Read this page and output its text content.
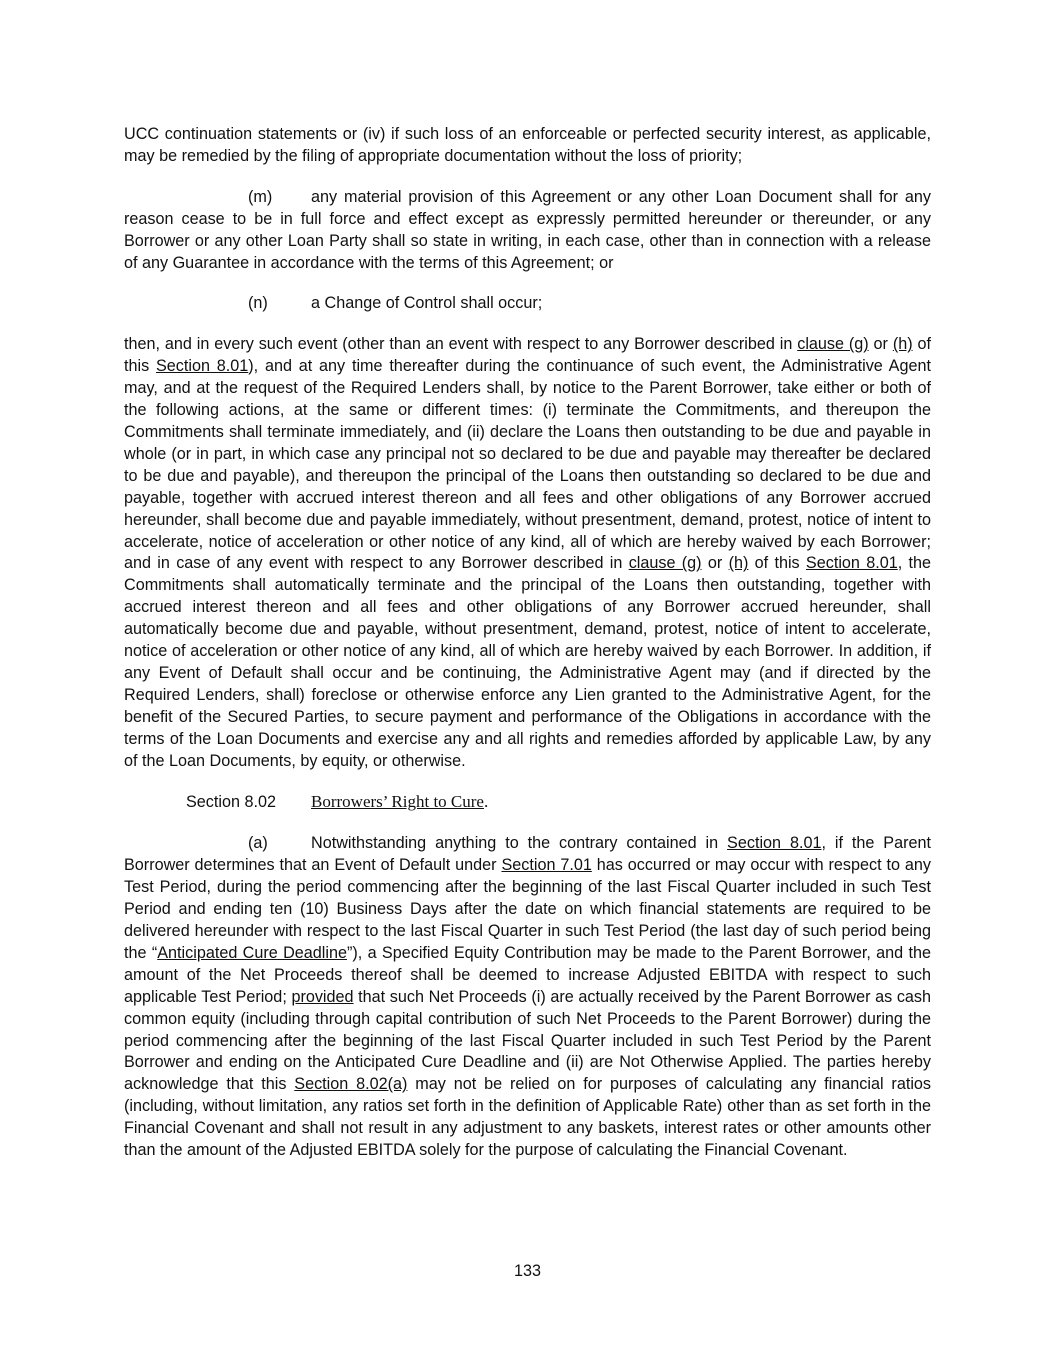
UCC continuation statements or (iv) if such loss of an enforceable or perfected security interest, as applicable, may be remedied by the filing of appropriate documentation without the loss of priority;

(m) any material provision of this Agreement or any other Loan Document shall for any reason cease to be in full force and effect except as expressly permitted hereunder or thereunder, or any Borrower or any other Loan Party shall so state in writing, in each case, other than in connection with a release of any Guarantee in accordance with the terms of this Agreement; or

(n)	a Change of Control shall occur;

then, and in every such event (other than an event with respect to any Borrower described in clause (g) or (h) of this Section 8.01), and at any time thereafter during the continuance of such event, the Administrative Agent may, and at the request of the Required Lenders shall, by notice to the Parent Borrower, take either or both of the following actions, at the same or different times: (i) terminate the Commitments, and thereupon the Commitments shall terminate immediately, and (ii) declare the Loans then outstanding to be due and payable in whole (or in part, in which case any principal not so declared to be due and payable may thereafter be declared to be due and payable), and thereupon the principal of the Loans then outstanding so declared to be due and payable, together with accrued interest thereon and all fees and other obligations of any Borrower accrued hereunder, shall become due and payable immediately, without presentment, demand, protest, notice of intent to accelerate, notice of acceleration or other notice of any kind, all of which are hereby waived by each Borrower; and in case of any event with respect to any Borrower described in clause (g) or (h) of this Section 8.01, the Commitments shall automatically terminate and the principal of the Loans then outstanding, together with accrued interest thereon and all fees and other obligations of any Borrower accrued hereunder, shall automatically become due and payable, without presentment, demand, protest, notice of intent to accelerate, notice of acceleration or other notice of any kind, all of which are hereby waived by each Borrower. In addition, if any Event of Default shall occur and be continuing, the Administrative Agent may (and if directed by the Required Lenders, shall) foreclose or otherwise enforce any Lien granted to the Administrative Agent, for the benefit of the Secured Parties, to secure payment and performance of the Obligations in accordance with the terms of the Loan Documents and exercise any and all rights and remedies afforded by applicable Law, by any of the Loan Documents, by equity, or otherwise.

Section 8.02 Borrowers’ Right to Cure.

(a)	Notwithstanding anything to the contrary contained in Section 8.01, if the Parent Borrower determines that an Event of Default under Section 7.01 has occurred or may occur with respect to any Test Period, during the period commencing after the beginning of the last Fiscal Quarter included in such Test Period and ending ten (10) Business Days after the date on which financial statements are required to be delivered hereunder with respect to the last Fiscal Quarter in such Test Period (the last day of such period being the “Anticipated Cure Deadline”), a Specified Equity Contribution may be made to the Parent Borrower, and the amount of the Net Proceeds thereof shall be deemed to increase Adjusted EBITDA with respect to such applicable Test Period; provided that such Net Proceeds (i) are actually received by the Parent Borrower as cash common equity (including through capital contribution of such Net Proceeds to the Parent Borrower) during the period commencing after the beginning of the last Fiscal Quarter included in such Test Period by the Parent Borrower and ending on the Anticipated Cure Deadline and (ii) are Not Otherwise Applied. The parties hereby acknowledge that this Section 8.02(a) may not be relied on for purposes of calculating any financial ratios (including, without limitation, any ratios set forth in the definition of Applicable Rate) other than as set forth in the Financial Covenant and shall not result in any adjustment to any baskets, interest rates or other amounts other than the amount of the Adjusted EBITDA solely for the purpose of calculating the Financial Covenant.

133
